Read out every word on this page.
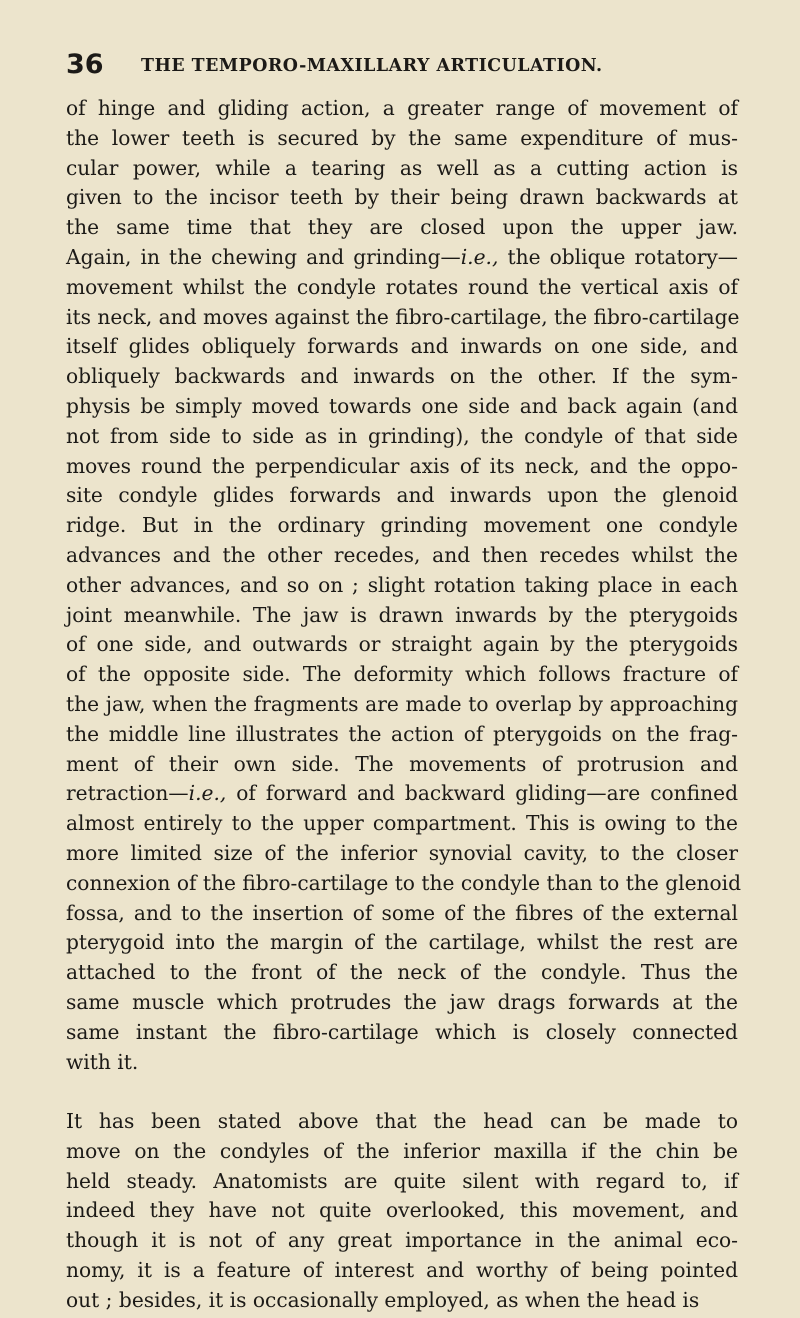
36 THE TEMPORO-MAXILLARY ARTICULATION.
of hinge and gliding action, a greater range of movement of
the lower teeth is secured by the same expenditure of mus-
cular power, while a tearing as well as a cutting action is
given to the incisor teeth by their being drawn backwards at
the same time that they are closed upon the upper jaw.
Again, in the chewing and grinding—i.e., the oblique rotatory—
movement whilst the condyle rotates round the vertical axis of
its neck, and moves against the fibro-cartilage, the fibro-cartilage
itself glides obliquely forwards and inwards on one side, and
obliquely backwards and inwards on the other. If the sym-
physis be simply moved towards one side and back again (and
not from side to side as in grinding), the condyle of that side
moves round the perpendicular axis of its neck, and the oppo-
site condyle glides forwards and inwards upon the glenoid
ridge. But in the ordinary grinding movement one condyle
advances and the other recedes, and then recedes whilst the
other advances, and so on ; slight rotation taking place in each
joint meanwhile. The jaw is drawn inwards by the pterygoids
of one side, and outwards or straight again by the pterygoids
of the opposite side. The deformity which follows fracture of
the jaw, when the fragments are made to overlap by approaching
the middle line illustrates the action of pterygoids on the frag-
ment of their own side. The movements of protrusion and
retraction—i.e., of forward and backward gliding—are confined
almost entirely to the upper compartment. This is owing to the
more limited size of the inferior synovial cavity, to the closer
connexion of the fibro-cartilage to the condyle than to the glenoid
fossa, and to the insertion of some of the fibres of the external
pterygoid into the margin of the cartilage, whilst the rest are
attached to the front of the neck of the condyle. Thus the
same muscle which protrudes the jaw drags forwards at the
same instant the fibro-cartilage which is closely connected
with it.
It has been stated above that the head can be made to
move on the condyles of the inferior maxilla if the chin be
held steady. Anatomists are quite silent with regard to, if
indeed they have not quite overlooked, this movement, and
though it is not of any great importance in the animal eco-
nomy, it is a feature of interest and worthy of being pointed
out ; besides, it is occasionally employed, as when the head is
